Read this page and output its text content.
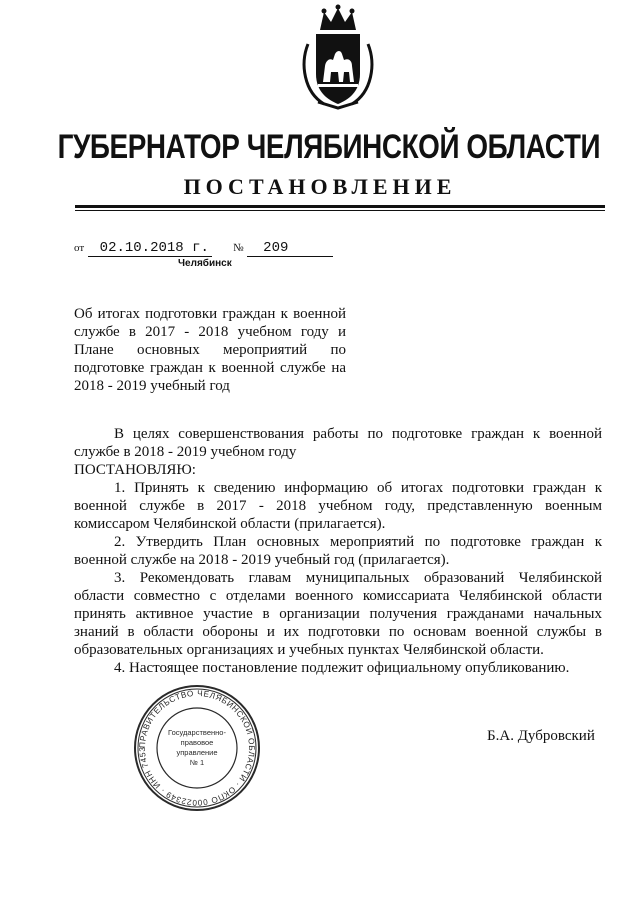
ГУБЕРНАТОР ЧЕЛЯБИНСКОЙ ОБЛАСТИ
ПОСТАНОВЛЕНИЕ
от 02.10.2018 г. № 209
Челябинск
Об итогах подготовки граждан к военной службе в 2017 - 2018 учебном году и Плане основных мероприятий по подготовке граждан к военной службе на 2018 - 2019 учебный год

В целях совершенствования работы по подготовке граждан к военной службе в 2018 - 2019 учебном году

ПОСТАНОВЛЯЮ:

1. Принять к сведению информацию об итогах подготовки граждан к военной службе в 2017 - 2018 учебном году, представленную военным комиссаром Челябинской области (прилагается).

2. Утвердить План основных мероприятий по подготовке граждан к военной службе на 2018 - 2019 учебный год (прилагается).

3. Рекомендовать главам муниципальных образований Челябинской области совместно с отделами военного комиссариата Челябинской области принять активное участие в организации получения гражданами начальных знаний в области обороны и их подготовки по основам военной службы в образовательных организациях и учебных пунктах Челябинской области.

4. Настоящее постановление подлежит официальному опубликованию.

ПРАВИТЕЛЬСТВО ЧЕЛЯБИНСКОЙ ОБЛАСТИ · ОКПО 00022349 · ИНН 7453
Государственно-
правовое
управление
№ 1
Б.А. Дубровский
